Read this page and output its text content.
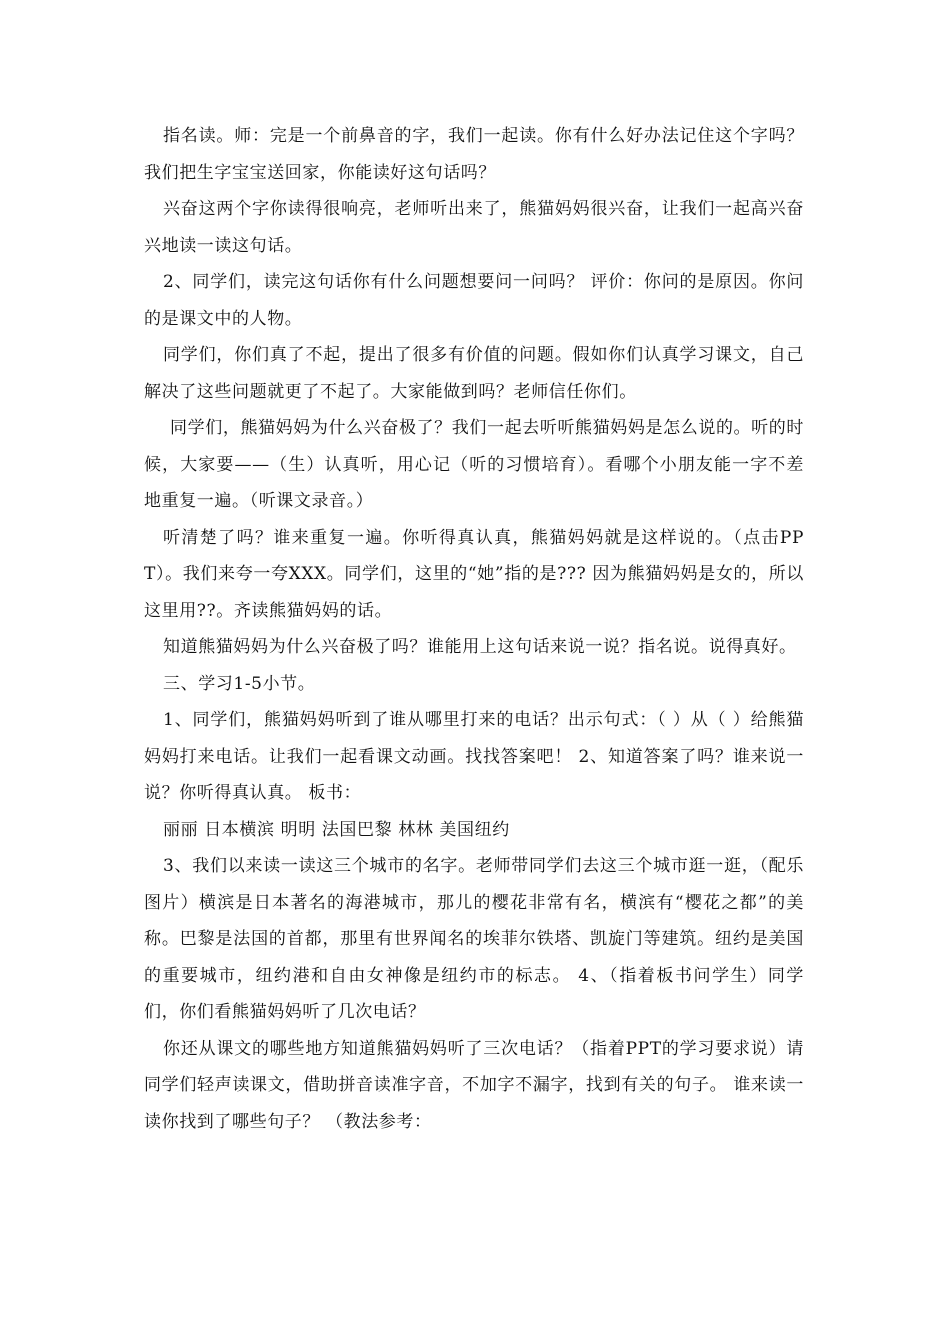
指名读。师：完是一个前鼻音的字，我们一起读。你有什么好办法记住这个字吗？ 我们把生字宝宝送回家，你能读好这句话吗？

兴奋这两个字你读得很响亮，老师听出来了，熊猫妈妈很兴奋，让我们一起高兴奋兴地读一读这句话。

2、同学们，读完这句话你有什么问题想要问一问吗？ 评价：你问的是原因。你问的是课文中的人物。

同学们，你们真了不起，提出了很多有价值的问题。假如你们认真学习课文，自己解决了这些问题就更了不起了。大家能做到吗？老师信任你们。

同学们，熊猫妈妈为什么兴奋极了？我们一起去听听熊猫妈妈是怎么说的。听的时候，大家要——（生）认真听，用心记（听的习惯培育）。看哪个小朋友能一字不差地重复一遍。（听课文录音。）

听清楚了吗？谁来重复一遍。你听得真认真，熊猫妈妈就是这样说的。（点击PPT）。我们来夸一夸XXX。同学们，这里的“她”指的是??? 因为熊猫妈妈是女的，所以这里用??。齐读熊猫妈妈的话。

知道熊猫妈妈为什么兴奋极了吗？谁能用上这句话来说一说？指名说。说得真好。

三、学习1-5小节。

1、同学们，熊猫妈妈听到了谁从哪里打来的电话？出示句式：（ ）从（ ）给熊猫妈妈打来电话。让我们一起看课文动画。找找答案吧！ 2、知道答案了吗？谁来说一说？你听得真认真。 板书：

丽丽 日本横滨 明明 法国巴黎 林林 美国纽约

3、我们以来读一读这三个城市的名字。老师带同学们去这三个城市逛一逛，（配乐图片）横滨是日本著名的海港城市，那儿的樱花非常有名，横滨有“樱花之都”的美称。巴黎是法国的首都，那里有世界闻名的埃菲尔铁塔、凯旋门等建筑。纽约是美国的重要城市，纽约港和自由女神像是纽约市的标志。 4、（指着板书问学生）同学们，你们看熊猫妈妈听了几次电话？

你还从课文的哪些地方知道熊猫妈妈听了三次电话？（指着PPT的学习要求说）请同学们轻声读课文，借助拼音读准字音，不加字不漏字，找到有关的句子。 谁来读一读你找到了哪些句子？ （教法参考：
